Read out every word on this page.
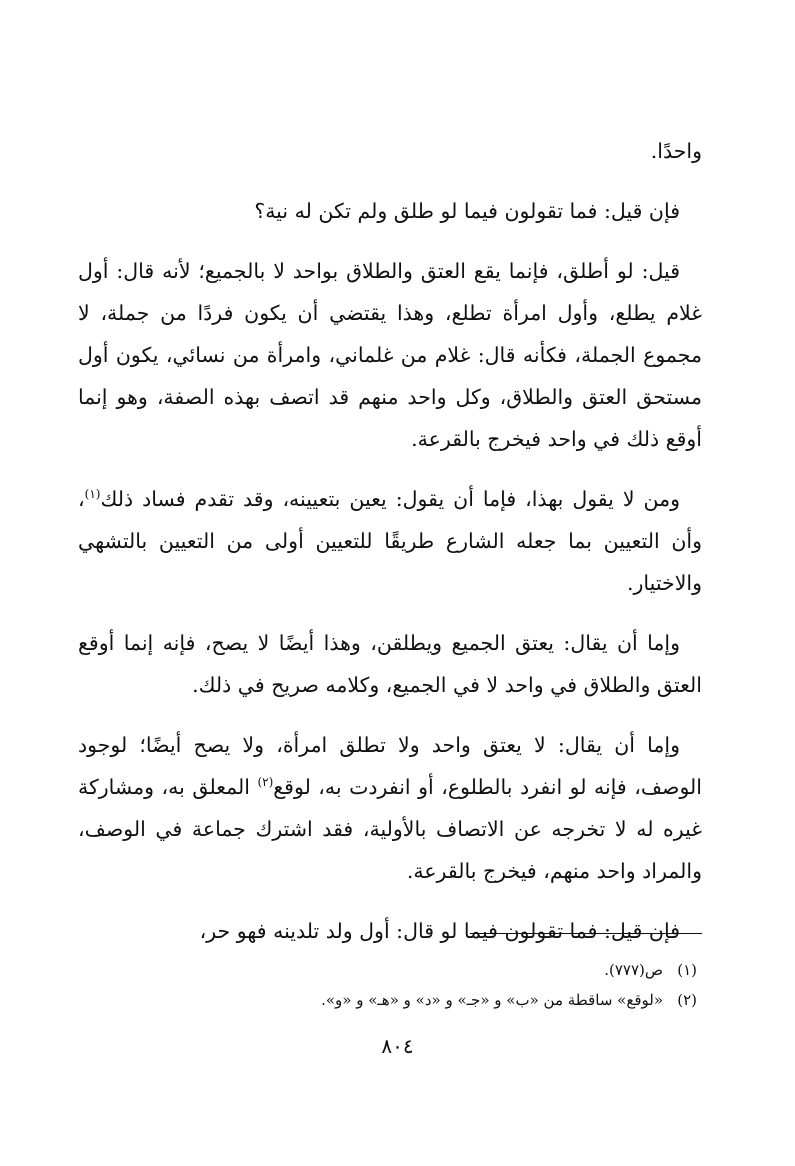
واحدًا.

فإن قيل: فما تقولون فيما لو طلق ولم تكن له نية؟

قيل: لو أطلق، فإنما يقع العتق والطلاق بواحد لا بالجميع؛ لأنه قال: أول غلام يطلع، وأول امرأة تطلع، وهذا يقتضي أن يكون فردًا من جملة، لا مجموع الجملة، فكأنه قال: غلام من غلماني، وامرأة من نسائي، يكون أول مستحق العتق والطلاق، وكل واحد منهم قد اتصف بهذه الصفة، وهو إنما أوقع ذلك في واحد فيخرج بالقرعة.

ومن لا يقول بهذا، فإما أن يقول: يعين بتعيينه، وقد تقدم فساد ذلك$^{(١)}$، وأن التعيين بما جعله الشارع طريقًا للتعيين أولى من التعيين بالتشهي والاختيار.

وإما أن يقال: يعتق الجميع ويطلقن، وهذا أيضًا لا يصح، فإنه إنما أوقع العتق والطلاق في واحد لا في الجميع، وكلامه صريح في ذلك.

وإما أن يقال: لا يعتق واحد ولا تطلق امرأة، ولا يصح أيضًا؛ لوجود الوصف، فإنه لو انفرد بالطلوع، أو انفردت به، لوقع$^{(٢)}$ المعلق به، ومشاركة غيره له لا تخرجه عن الاتصاف بالأولية، فقد اشترك جماعة في الوصف، والمراد واحد منهم، فيخرج بالقرعة.

فإن قيل: فما تقولون فيما لو قال: أول ولد تلدينه فهو حر،

(١)ص(٧٧٧).

(٢)«لوقع» ساقطة من «ب» و «جـ» و «د» و «هـ» و «و».

٨٠٤
